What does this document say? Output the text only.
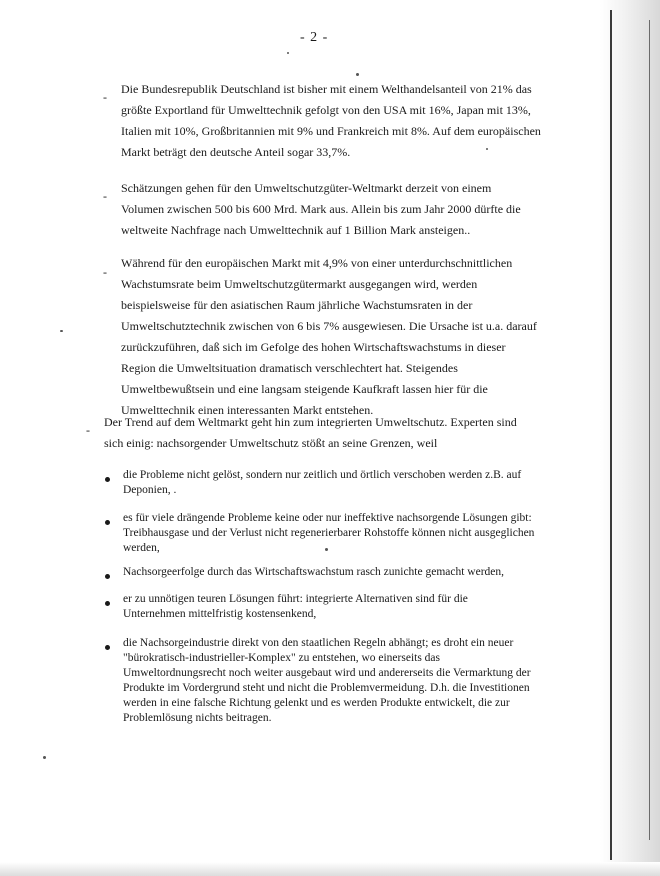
- 2 -
-
Die Bundesrepublik Deutschland ist bisher mit einem Welthandelsanteil von 21% das größte Exportland für Umwelttechnik gefolgt von den USA mit 16%, Japan mit 13%, Italien mit 10%, Großbritannien mit 9% und Frankreich mit 8%. Auf dem europäischen Markt beträgt den deutsche Anteil sogar 33,7%.
-
Schätzungen gehen für den Umweltschutzgüter-Weltmarkt derzeit von einem Volumen zwischen 500 bis 600 Mrd. Mark aus. Allein bis zum Jahr 2000 dürfte die weltweite Nachfrage nach Umwelttechnik auf 1 Billion Mark ansteigen..
-
Während für den europäischen Markt mit 4,9% von einer unterdurchschnittlichen Wachstumsrate beim Umweltschutzgütermarkt ausgegangen wird, werden beispielsweise für den asiatischen Raum jährliche Wachstumsraten in der Umweltschutztechnik zwischen von 6 bis 7% ausgewiesen. Die Ursache ist u.a. darauf zurückzuführen, daß sich im Gefolge des hohen Wirtschaftswachstums in dieser Region die Umweltsituation dramatisch verschlechtert hat. Steigendes Umweltbewußtsein und eine langsam steigende Kaufkraft lassen hier für die Umwelttechnik einen interessanten Markt entstehen.
-
Der Trend auf dem Weltmarkt geht hin zum integrierten Umweltschutz. Experten sind sich einig: nachsorgender Umweltschutz stößt an seine Grenzen, weil
die Probleme nicht gelöst, sondern nur zeitlich und örtlich verschoben werden z.B. auf Deponien, .
es für viele drängende Probleme keine oder nur ineffektive nachsorgende Lösungen gibt: Treibhausgase und der Verlust nicht regenerierbarer Rohstoffe können nicht ausgeglichen werden,
Nachsorgeerfolge durch das Wirtschaftswachstum rasch zunichte gemacht werden,
er zu unnötigen teuren Lösungen führt: integrierte Alternativen sind für die Unternehmen mittelfristig kostensenkend,
die Nachsorgeindustrie direkt von den staatlichen Regeln abhängt; es droht ein neuer "bürokratisch-industrieller-Komplex" zu entstehen, wo einerseits das Umweltordnungsrecht noch weiter ausgebaut wird und andererseits die Vermarktung der Produkte im Vordergrund steht und nicht die Problemvermeidung. D.h. die Investitionen werden in eine falsche Richtung gelenkt und es werden Produkte entwickelt, die zur Problemlösung nichts beitragen.
